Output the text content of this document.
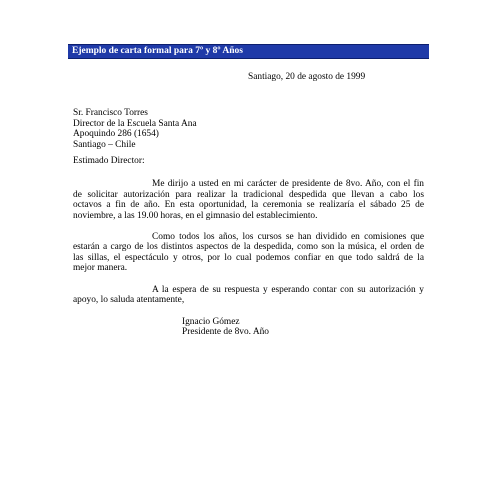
Ejemplo de carta formal para 7º y 8º Años
Santiago, 20 de agosto de 1999
Sr. Francisco Torres
Director de la Escuela Santa Ana
Apoquindo 286 (1654)
Santiago – Chile
Estimado Director:
Me dirijo a usted en mi carácter de presidente de 8vo. Año, con el fin
de solicitar autorización para realizar la tradicional despedida que llevan a cabo los
octavos a fin de año. En esta oportunidad, la ceremonia se realizaría el sábado 25 de
noviembre, a las 19.00 horas, en el gimnasio del establecimiento.
Como todos los años, los cursos se han dividido en comisiones que
estarán a cargo de los distintos aspectos de la despedida, como son la música, el orden de
las sillas, el espectáculo y otros, por lo cual podemos confiar en que todo saldrá de la
mejor manera.
A la espera de su respuesta y esperando contar con su autorización y
apoyo, lo saluda atentamente,
Ignacio Gómez
Presidente de 8vo. Año
